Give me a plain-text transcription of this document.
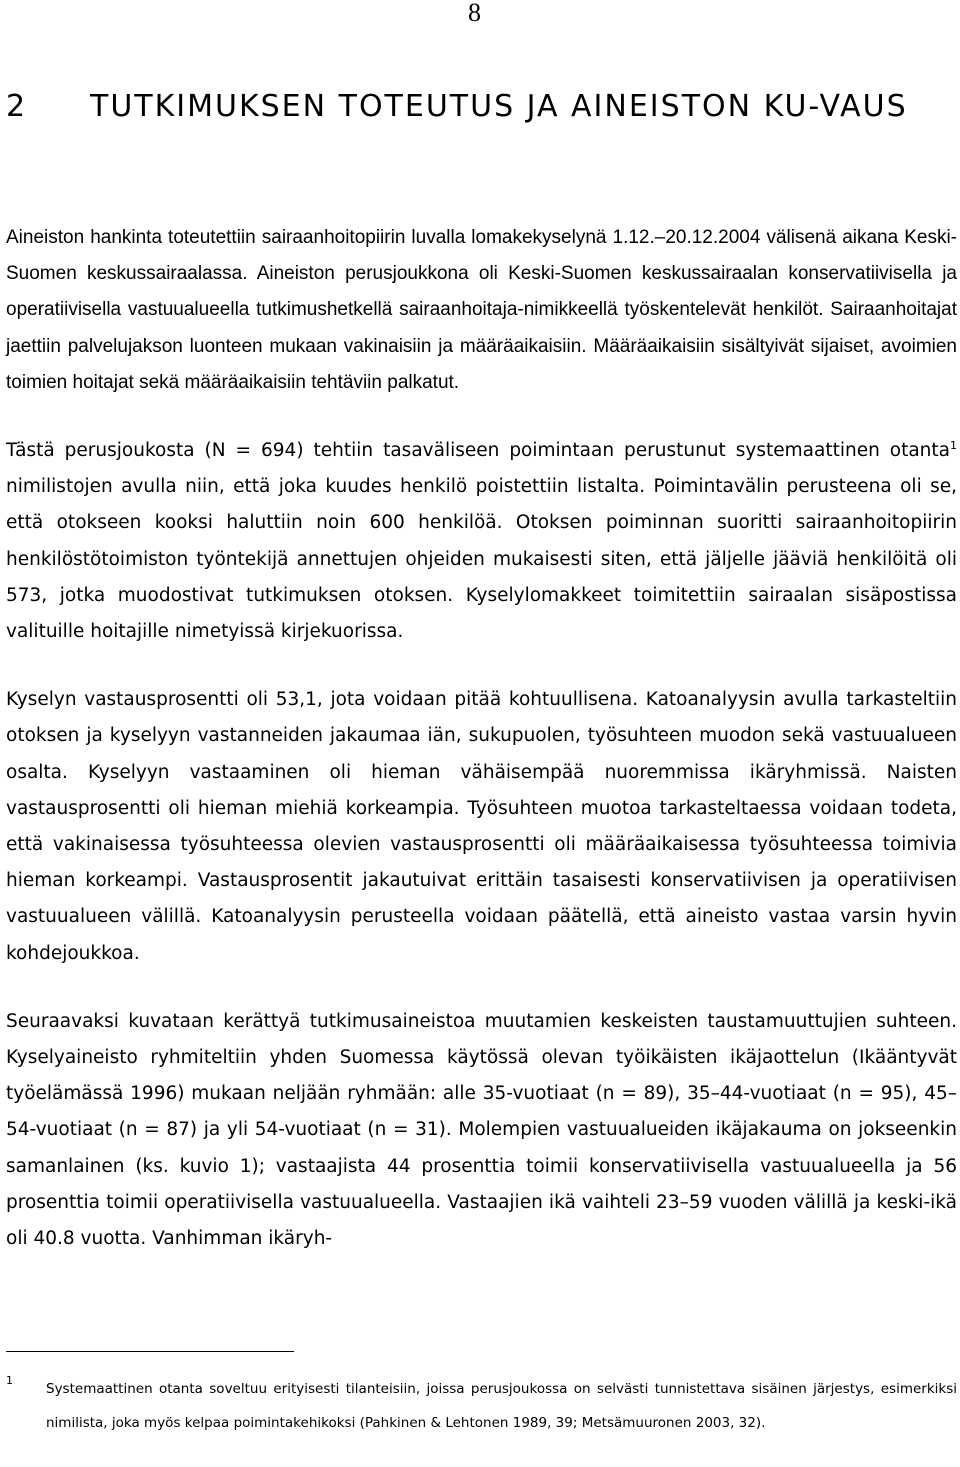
8
2 TUTKIMUKSEN TOTEUTUS JA AINEISTON KU-VAUS

Aineiston hankinta toteutettiin sairaanhoitopiirin luvalla lomakekyselynä 1.12.–20.12.2004 välisenä aikana Keski-Suomen keskussairaalassa. Aineiston perusjoukkona oli Keski-Suomen keskussairaalan konservatiivisella ja operatiivisella vastuualueella tutkimushetkellä sairaanhoitaja-nimikkeellä työskentelevät henkilöt. Sairaanhoitajat jaettiin palvelujakson luonteen mukaan vakinaisiin ja määräaikaisiin. Määräaikaisiin sisältyivät sijaiset, avoimien toimien hoitajat sekä määräaikaisiin tehtäviin palkatut.

Tästä perusjoukosta (N = 694) tehtiin tasaväliseen poimintaan perustunut systemaattinen otanta$^1$ nimilistojen avulla niin, että joka kuudes henkilö poistettiin listalta. Poimintavälin perusteena oli se, että otokseen kooksi haluttiin noin 600 henkilöä. Otoksen poiminnan suoritti sairaanhoitopiirin henkilöstötoimiston työntekijä annettujen ohjeiden mukaisesti siten, että jäljelle jääviä henkilöitä oli 573, jotka muodostivat tutkimuksen otoksen. Kyselylomakkeet toimitettiin sairaalan sisäpostissa valituille hoitajille nimetyissä kirjekuorissa.

Kyselyn vastausprosentti oli 53,1, jota voidaan pitää kohtuullisena. Katoanalyysin avulla tarkasteltiin otoksen ja kyselyyn vastanneiden jakaumaa iän, sukupuolen, työsuhteen muodon sekä vastuualueen osalta. Kyselyyn vastaaminen oli hieman vähäisempää nuoremmissa ikäryhmissä. Naisten vastausprosentti oli hieman miehiä korkeampia. Työsuhteen muotoa tarkasteltaessa voidaan todeta, että vakinaisessa työsuhteessa olevien vastausprosentti oli määräaikaisessa työsuhteessa toimivia hieman korkeampi. Vastausprosentit jakautuivat erittäin tasaisesti konservatiivisen ja operatiivisen vastuualueen välillä. Katoanalyysin perusteella voidaan päätellä, että aineisto vastaa varsin hyvin kohdejoukkoa.

Seuraavaksi kuvataan kerättyä tutkimusaineistoa muutamien keskeisten taustamuuttujien suhteen. Kyselyaineisto ryhmiteltiin yhden Suomessa käytössä olevan työikäisten ikäjaottelun (Ikääntyvät työelämässä 1996) mukaan neljään ryhmään: alle 35-vuotiaat (n = 89), 35–44-vuotiaat (n = 95), 45–54-vuotiaat (n = 87) ja yli 54-vuotiaat (n = 31). Molempien vastuualueiden ikäjakauma on jokseenkin samanlainen (ks. kuvio 1); vastaajista 44 prosenttia toimii konservatiivisella vastuualueella ja 56 prosenttia toimii operatiivisella vastuualueella. Vastaajien ikä vaihteli 23–59 vuoden välillä ja keski-ikä oli 40.8 vuotta. Vanhimman ikäryh-

1
Systemaattinen otanta soveltuu erityisesti tilanteisiin, joissa perusjoukossa on selvästi tunnistettava sisäinen järjestys, esimerkiksi nimilista, joka myös kelpaa poimintakehikoksi (Pahkinen & Lehtonen 1989, 39; Metsämuuronen 2003, 32).
